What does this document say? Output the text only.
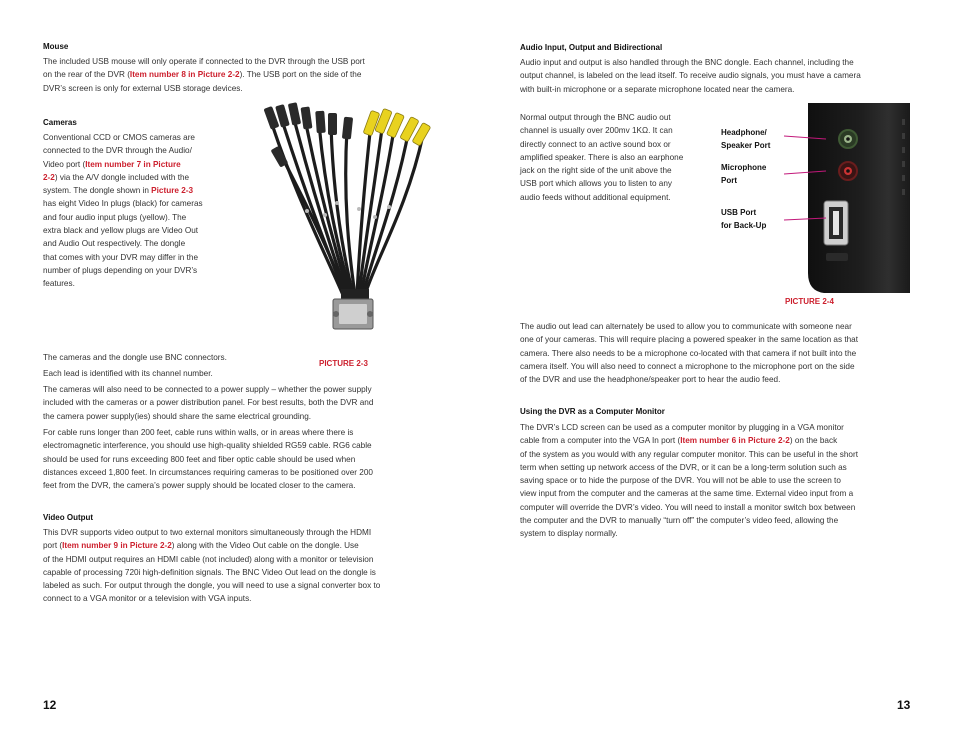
Mouse
The included USB mouse will only operate if connected to the DVR through the USB port
on the rear of the DVR (Item number 8 in Picture 2-2). The USB port on the side of the
DVR’s screen is only for external USB storage devices.
Cameras
Conventional CCD or CMOS cameras are
connected to the DVR through the Audio/
Video port (Item number 7 in Picture
2-2) via the A/V dongle included with the
system. The dongle shown in Picture 2-3
has eight Video In plugs (black) for cameras
and four audio input plugs (yellow). The
extra black and yellow plugs are Video Out
and Audio Out respectively. The dongle
that comes with your DVR may differ in the
number of plugs depending on your DVR’s
features.
PICTURE 2-3
The cameras and the dongle use BNC connectors.
Each lead is identified with its channel number.
The cameras will also need to be connected to a power supply – whether the power supply
included with the cameras or a power distribution panel. For best results, both the DVR and
the camera power supply(ies) should share the same electrical grounding.
For cable runs longer than 200 feet, cable runs within walls, or in areas where there is
electromagnetic interference, you should use high-quality shielded RG59 cable. RG6 cable
should be used for runs exceeding 800 feet and fiber optic cable should be used when
distances exceed 1,800 feet. In circumstances requiring cameras to be positioned over 200
feet from the DVR, the camera’s power supply should be located closer to the camera.
Video Output
This DVR supports video output to two external monitors simultaneously through the HDMI
port (Item number 9 in Picture 2-2) along with the Video Out cable on the dongle. Use
of the HDMI output requires an HDMI cable (not included) along with a monitor or television
capable of processing 720i high-definition signals. The BNC Video Out lead on the dongle is
labeled as such. For output through the dongle, you will need to use a signal converter box to
connect to a VGA monitor or a television with VGA inputs.
12
Audio Input, Output and Bidirectional
Audio input and output is also handled through the BNC dongle. Each channel, including the
output channel, is labeled on the lead itself. To receive audio signals, you must have a camera
with built-in microphone or a separate microphone located near the camera.
Normal output through the BNC audio out
channel is usually over 200mv 1KΩ. It can
directly connect to an active sound box or
amplified speaker. There is also an earphone
jack on the right side of the unit above the
USB port which allows you to listen to any
audio feeds without additional equipment.
Headphone/
Speaker Port
Microphone
Port
USB Port
for Back-Up
PICTURE 2-4
The audio out lead can alternately be used to allow you to communicate with someone near
one of your cameras. This will require placing a powered speaker in the same location as that
camera. There also needs to be a microphone co-located with that camera if not built into the
camera itself. You will also need to connect a microphone to the microphone port on the side
of the DVR and use the headphone/speaker port to hear the audio feed.
Using the DVR as a Computer Monitor
The DVR’s LCD screen can be used as a computer monitor by plugging in a VGA monitor
cable from a computer into the VGA In port (Item number 6 in Picture 2-2) on the back
of the system as you would with any regular computer monitor. This can be useful in the short
term when setting up network access of the DVR, or it can be a long-term solution such as
saving space or to hide the purpose of the DVR. You will not be able to use the screen to
view input from the computer and the cameras at the same time. External video input from a
computer will override the DVR’s video. You will need to install a monitor switch box between
the computer and the DVR to manually “turn off” the computer’s video feed, allowing the
system to display normally.
13
